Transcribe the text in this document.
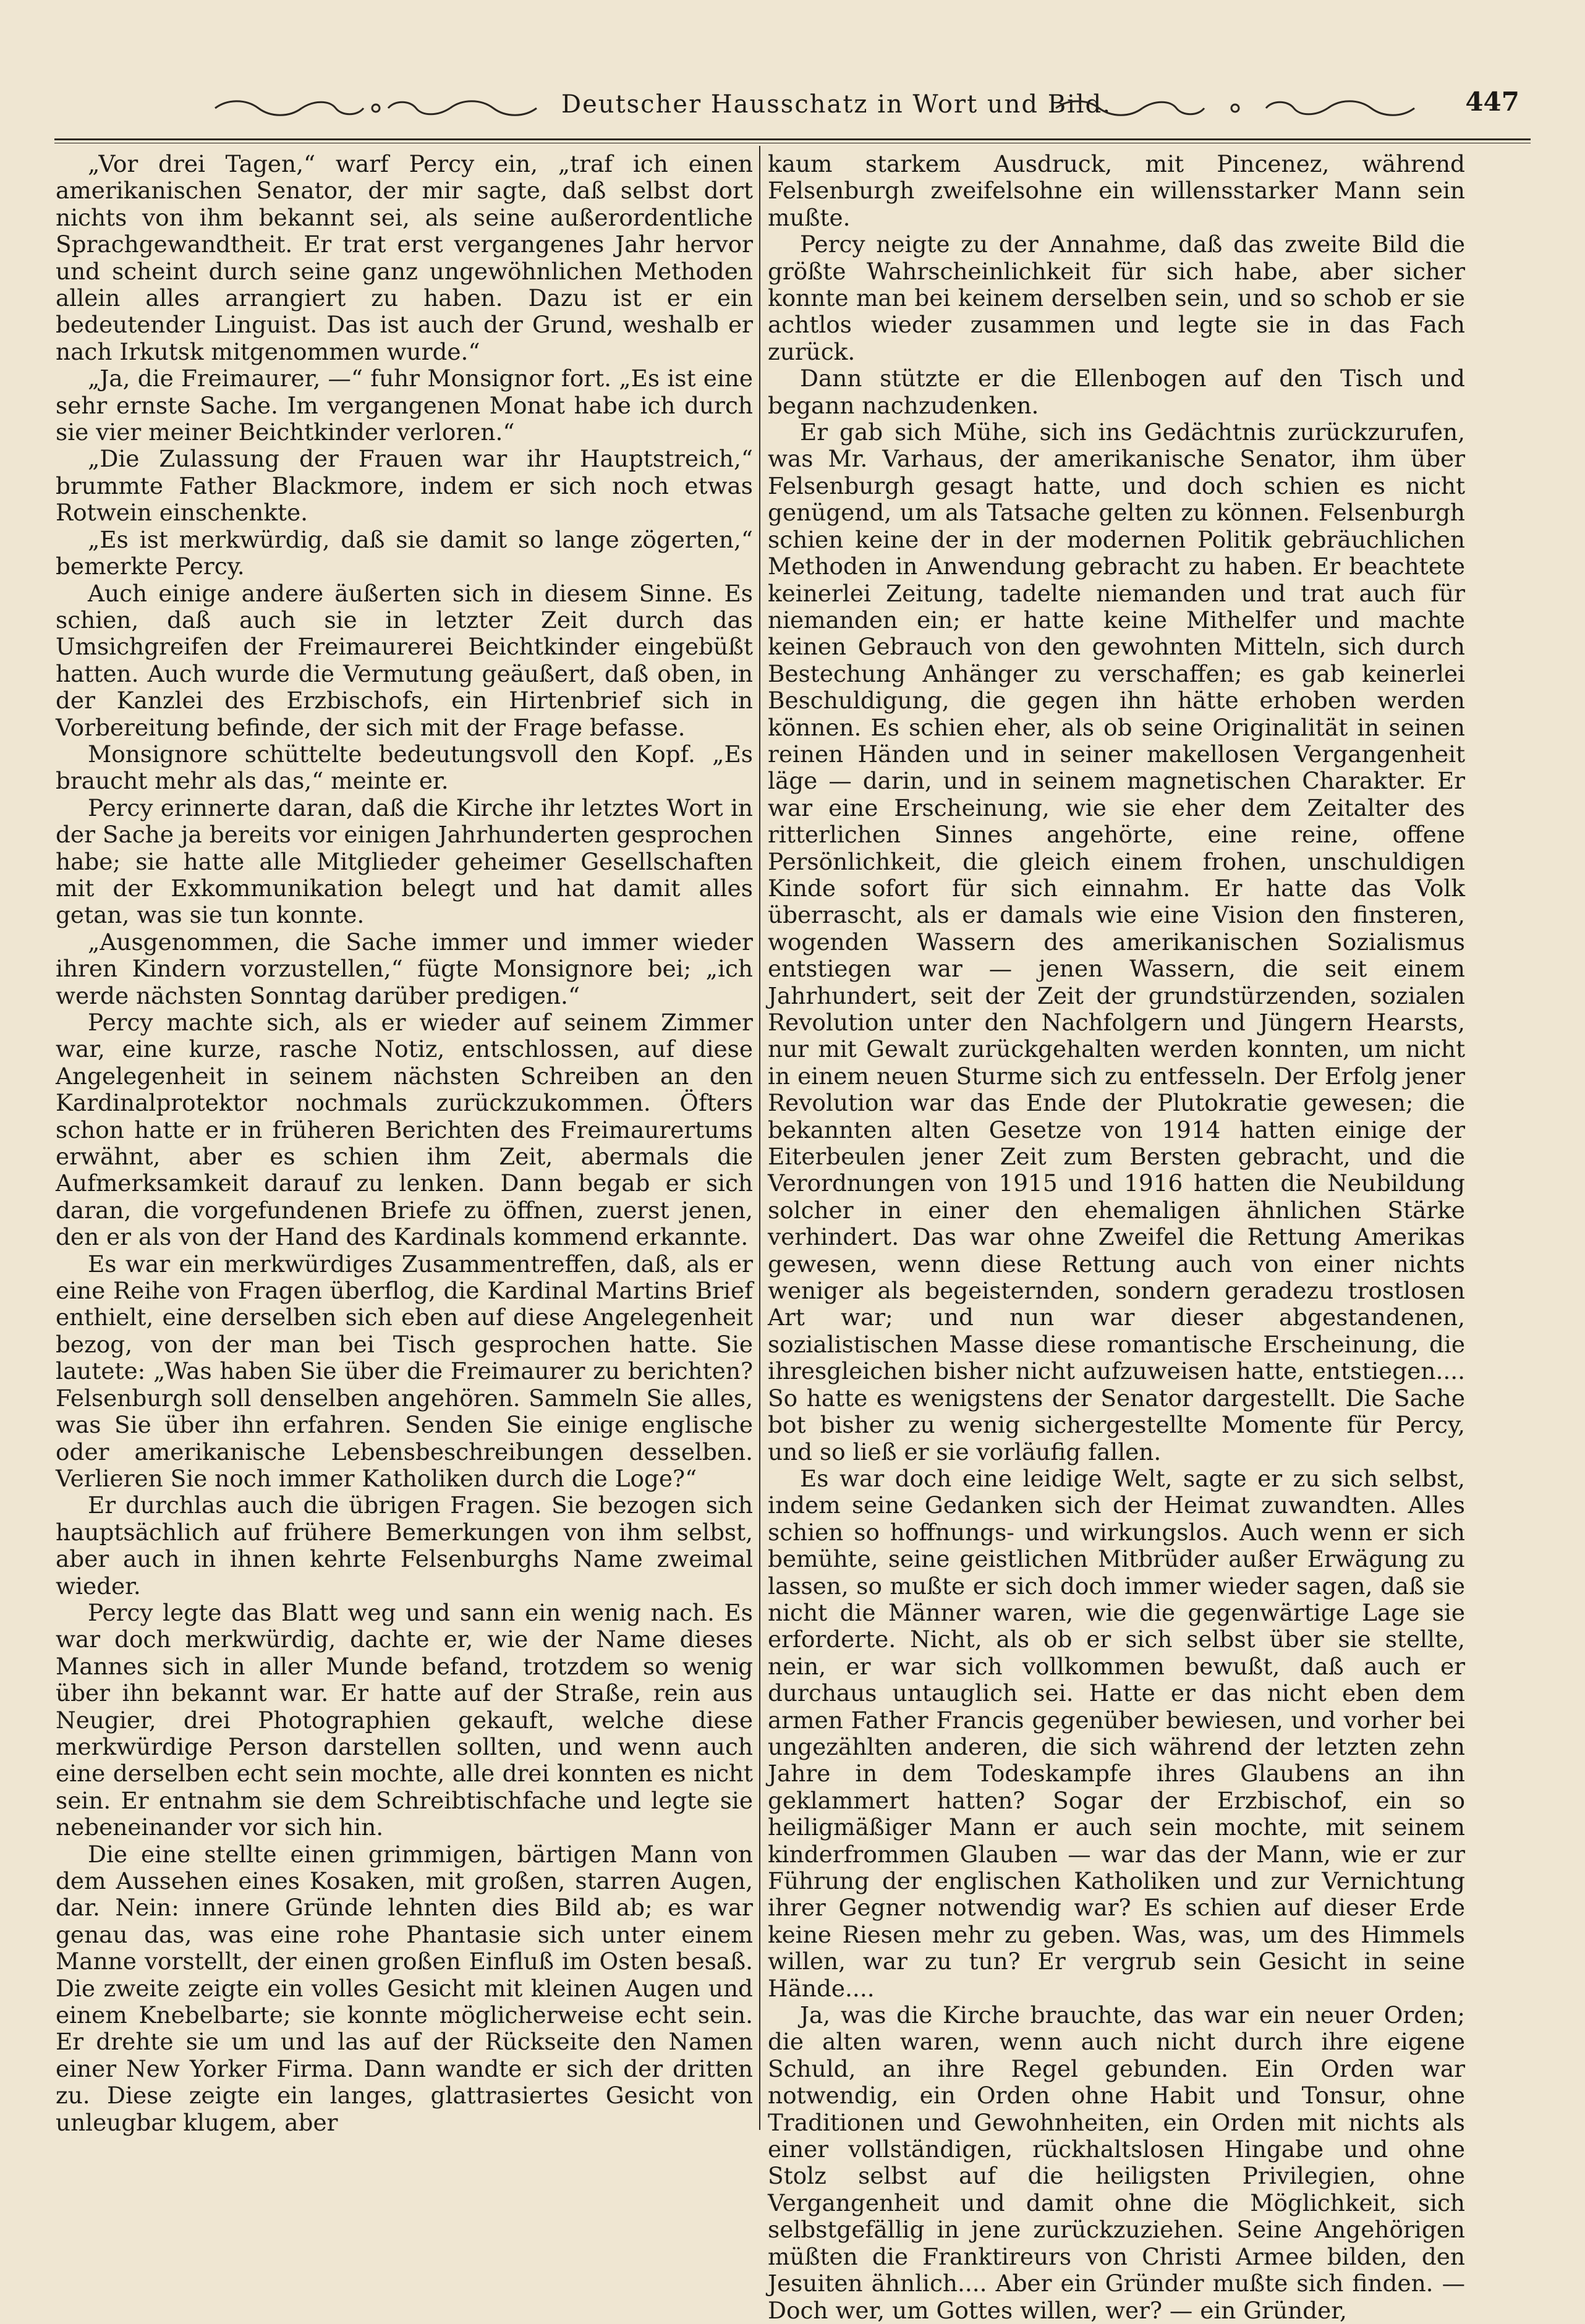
Deutscher Hausschatz in Wort und Bild.	447

„Vor drei Tagen,“ warf Percy ein, „traf ich einen amerikanischen Senator, der mir sagte, daß selbst dort nichts von ihm bekannt sei, als seine außerordentliche Sprachgewandtheit. Er trat erst vergangenes Jahr hervor und scheint durch seine ganz ungewöhnlichen Methoden allein alles arrangiert zu haben. Dazu ist er ein bedeutender Linguist. Das ist auch der Grund, weshalb er nach Irkutsk mitgenommen wurde.“

„Ja, die Freimaurer, —“ fuhr Monsignor fort. „Es ist eine sehr ernste Sache. Im vergangenen Monat habe ich durch sie vier meiner Beichtkinder verloren.“

„Die Zulassung der Frauen war ihr Hauptstreich,“ brummte Father Blackmore, indem er sich noch etwas Rotwein einschenkte.

„Es ist merkwürdig, daß sie damit so lange zögerten,“ bemerkte Percy.

Auch einige andere äußerten sich in diesem Sinne. Es schien, daß auch sie in letzter Zeit durch das Umsichgreifen der Freimaurerei Beichtkinder eingebüßt hatten. Auch wurde die Vermutung geäußert, daß oben, in der Kanzlei des Erzbischofs, ein Hirtenbrief sich in Vorbereitung befinde, der sich mit der Frage befasse.

Monsignore schüttelte bedeutungsvoll den Kopf. „Es braucht mehr als das,“ meinte er.

Percy erinnerte daran, daß die Kirche ihr letztes Wort in der Sache ja bereits vor einigen Jahrhunderten gesprochen habe; sie hatte alle Mitglieder geheimer Gesellschaften mit der Exkommunikation belegt und hat damit alles getan, was sie tun konnte.

„Ausgenommen, die Sache immer und immer wieder ihren Kindern vorzustellen,“ fügte Monsignore bei; „ich werde nächsten Sonntag darüber predigen.“

Percy machte sich, als er wieder auf seinem Zimmer war, eine kurze, rasche Notiz, entschlossen, auf diese Angelegenheit in seinem nächsten Schreiben an den Kardinalprotektor nochmals zurückzukommen. Öfters schon hatte er in früheren Berichten des Freimaurertums erwähnt, aber es schien ihm Zeit, abermals die Aufmerksamkeit darauf zu lenken. Dann begab er sich daran, die vorgefundenen Briefe zu öffnen, zuerst jenen, den er als von der Hand des Kardinals kommend erkannte.

Es war ein merkwürdiges Zusammentreffen, daß, als er eine Reihe von Fragen überflog, die Kardinal Martins Brief enthielt, eine derselben sich eben auf diese Angelegenheit bezog, von der man bei Tisch gesprochen hatte. Sie lautete: „Was haben Sie über die Freimaurer zu berichten? Felsenburgh soll denselben angehören. Sammeln Sie alles, was Sie über ihn erfahren. Senden Sie einige englische oder amerikanische Lebensbeschreibungen desselben. Verlieren Sie noch immer Katholiken durch die Loge?“

Er durchlas auch die übrigen Fragen. Sie bezogen sich hauptsächlich auf frühere Bemerkungen von ihm selbst, aber auch in ihnen kehrte Felsenburghs Name zweimal wieder.

Percy legte das Blatt weg und sann ein wenig nach. Es war doch merkwürdig, dachte er, wie der Name dieses Mannes sich in aller Munde befand, trotzdem so wenig über ihn bekannt war. Er hatte auf der Straße, rein aus Neugier, drei Photographien gekauft, welche diese merkwürdige Person darstellen sollten, und wenn auch eine derselben echt sein mochte, alle drei konnten es nicht sein. Er entnahm sie dem Schreibtischfache und legte sie nebeneinander vor sich hin.

Die eine stellte einen grimmigen, bärtigen Mann von dem Aussehen eines Kosaken, mit großen, starren Augen, dar. Nein: innere Gründe lehnten dies Bild ab; es war genau das, was eine rohe Phantasie sich unter einem Manne vorstellt, der einen großen Einfluß im Osten besaß. Die zweite zeigte ein volles Gesicht mit kleinen Augen und einem Knebelbarte; sie konnte möglicherweise echt sein. Er drehte sie um und las auf der Rückseite den Namen einer New Yorker Firma. Dann wandte er sich der dritten zu. Diese zeigte ein langes, glattrasiertes Gesicht von unleugbar klugem, aber

kaum starkem Ausdruck, mit Pincenez, während Felsenburgh zweifelsohne ein willensstarker Mann sein mußte.

Percy neigte zu der Annahme, daß das zweite Bild die größte Wahrscheinlichkeit für sich habe, aber sicher konnte man bei keinem derselben sein, und so schob er sie achtlos wieder zusammen und legte sie in das Fach zurück.

Dann stützte er die Ellenbogen auf den Tisch und begann nachzudenken.

Er gab sich Mühe, sich ins Gedächtnis zurückzurufen, was Mr. Varhaus, der amerikanische Senator, ihm über Felsenburgh gesagt hatte, und doch schien es nicht genügend, um als Tatsache gelten zu können. Felsenburgh schien keine der in der modernen Politik gebräuchlichen Methoden in Anwendung gebracht zu haben. Er beachtete keinerlei Zeitung, tadelte niemanden und trat auch für niemanden ein; er hatte keine Mithelfer und machte keinen Gebrauch von den gewohnten Mitteln, sich durch Bestechung Anhänger zu verschaffen; es gab keinerlei Beschuldigung, die gegen ihn hätte erhoben werden können. Es schien eher, als ob seine Originalität in seinen reinen Händen und in seiner makellosen Vergangenheit läge — darin, und in seinem magnetischen Charakter. Er war eine Erscheinung, wie sie eher dem Zeitalter des ritterlichen Sinnes angehörte, eine reine, offene Persönlichkeit, die gleich einem frohen, unschuldigen Kinde sofort für sich einnahm. Er hatte das Volk überrascht, als er damals wie eine Vision den finsteren, wogenden Wassern des amerikanischen Sozialismus entstiegen war — jenen Wassern, die seit einem Jahrhundert, seit der Zeit der grundstürzenden, sozialen Revolution unter den Nachfolgern und Jüngern Hearsts, nur mit Gewalt zurückgehalten werden konnten, um nicht in einem neuen Sturme sich zu entfesseln. Der Erfolg jener Revolution war das Ende der Plutokratie gewesen; die bekannten alten Gesetze von 1914 hatten einige der Eiterbeulen jener Zeit zum Bersten gebracht, und die Verordnungen von 1915 und 1916 hatten die Neubildung solcher in einer den ehemaligen ähnlichen Stärke verhindert. Das war ohne Zweifel die Rettung Amerikas gewesen, wenn diese Rettung auch von einer nichts weniger als begeisternden, sondern geradezu trostlosen Art war; und nun war dieser abgestandenen, sozialistischen Masse diese romantische Erscheinung, die ihresgleichen bisher nicht aufzuweisen hatte, entstiegen.... So hatte es wenigstens der Senator dargestellt. Die Sache bot bisher zu wenig sichergestellte Momente für Percy, und so ließ er sie vorläufig fallen.

Es war doch eine leidige Welt, sagte er zu sich selbst, indem seine Gedanken sich der Heimat zuwandten. Alles schien so hoffnungs- und wirkungslos. Auch wenn er sich bemühte, seine geistlichen Mitbrüder außer Erwägung zu lassen, so mußte er sich doch immer wieder sagen, daß sie nicht die Männer waren, wie die gegenwärtige Lage sie erforderte. Nicht, als ob er sich selbst über sie stellte, nein, er war sich vollkommen bewußt, daß auch er durchaus untauglich sei. Hatte er das nicht eben dem armen Father Francis gegenüber bewiesen, und vorher bei ungezählten anderen, die sich während der letzten zehn Jahre in dem Todeskampfe ihres Glaubens an ihn geklammert hatten? Sogar der Erzbischof, ein so heiligmäßiger Mann er auch sein mochte, mit seinem kinderfrommen Glauben — war das der Mann, wie er zur Führung der englischen Katholiken und zur Vernichtung ihrer Gegner notwendig war? Es schien auf dieser Erde keine Riesen mehr zu geben. Was, was, um des Himmels willen, war zu tun? Er vergrub sein Gesicht in seine Hände....

Ja, was die Kirche brauchte, das war ein neuer Orden; die alten waren, wenn auch nicht durch ihre eigene Schuld, an ihre Regel gebunden. Ein Orden war notwendig, ein Orden ohne Habit und Tonsur, ohne Traditionen und Gewohnheiten, ein Orden mit nichts als einer vollständigen, rückhaltslosen Hingabe und ohne Stolz selbst auf die heiligsten Privilegien, ohne Vergangenheit und damit ohne die Möglichkeit, sich selbstgefällig in jene zurückzuziehen. Seine Angehörigen müßten die Franktireurs von Christi Armee bilden, den Jesuiten ähnlich.... Aber ein Gründer mußte sich finden. — Doch wer, um Gottes willen, wer? — ein Gründer,
